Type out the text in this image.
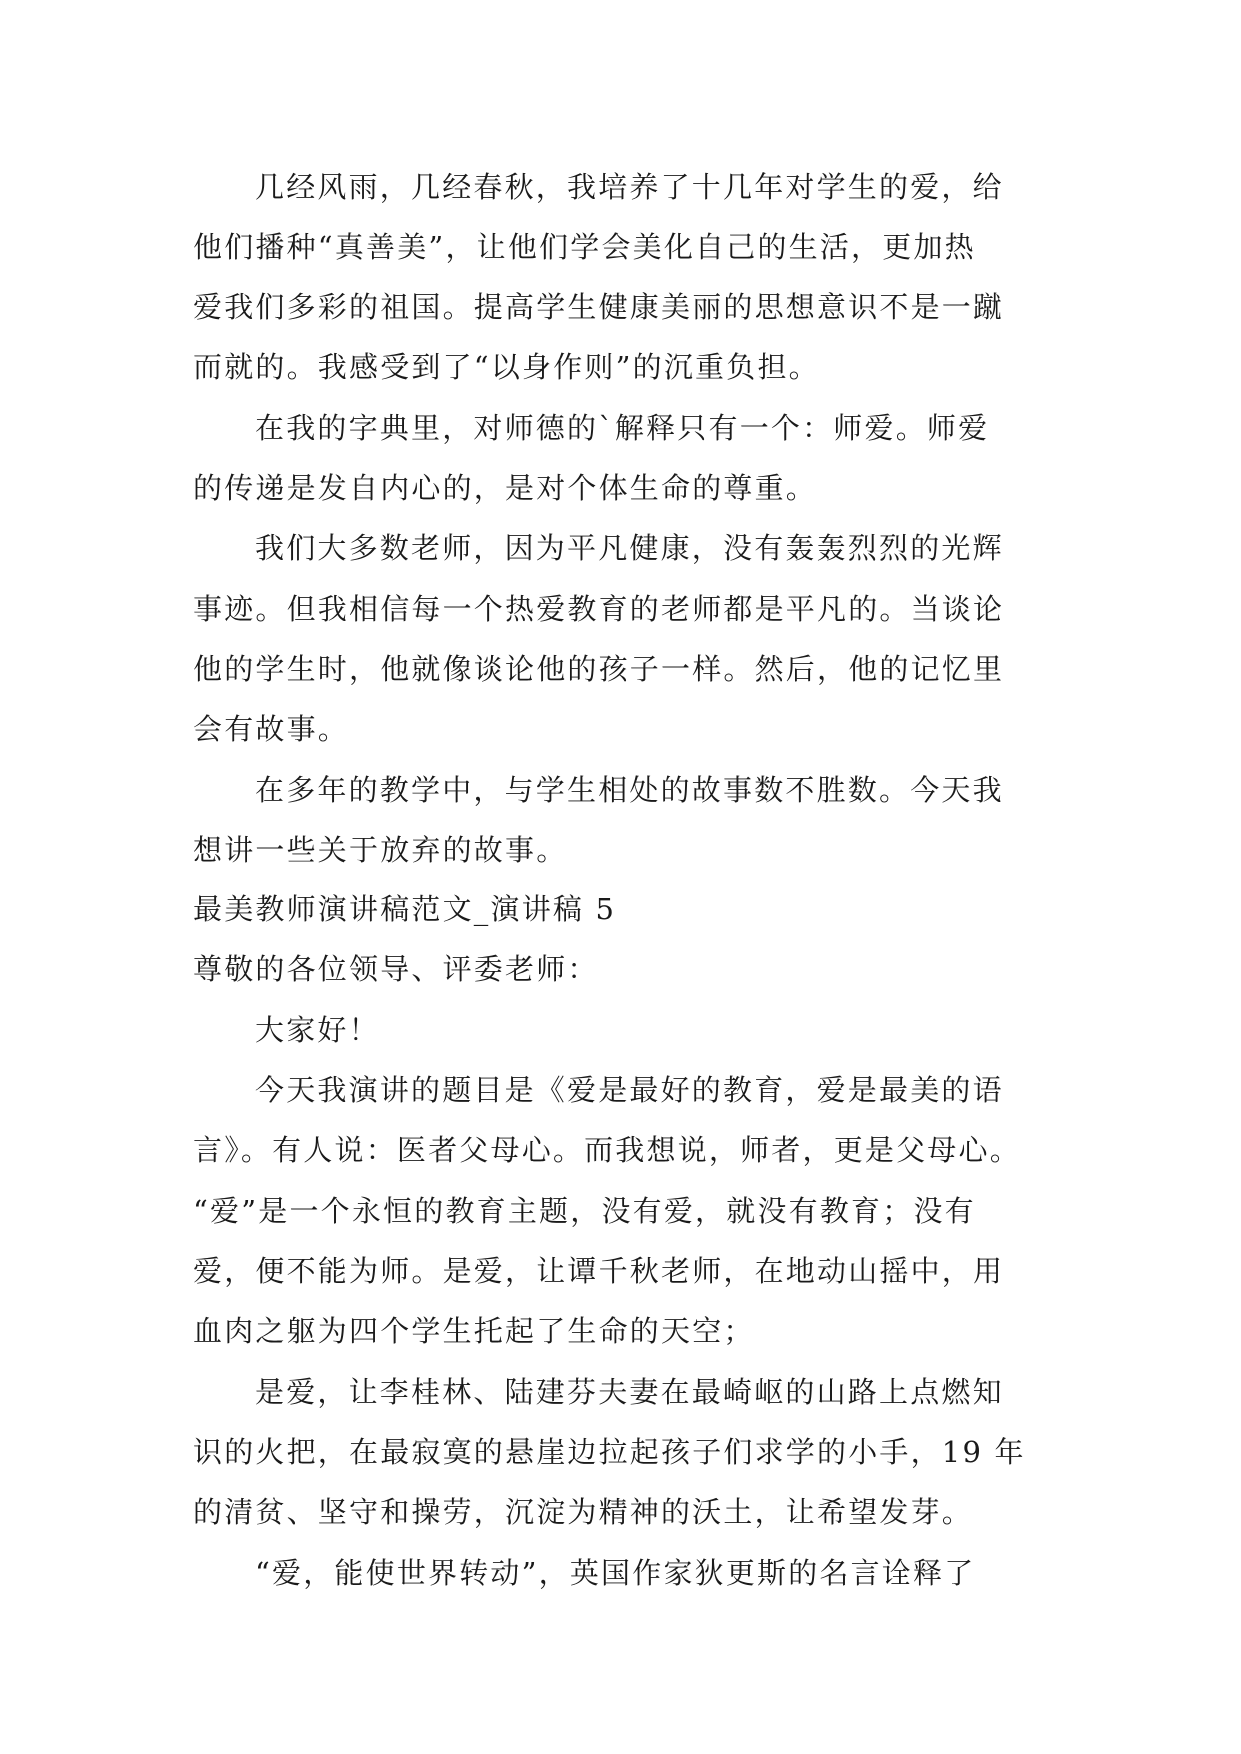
几经风雨，几经春秋，我培养了十几年对学生的爱，给
他们播种“真善美”，让他们学会美化自己的生活，更加热
爱我们多彩的祖国。提高学生健康美丽的思想意识不是一蹴
而就的。我感受到了“以身作则”的沉重负担。
在我的字典里，对师德的`解释只有一个：师爱。师爱
的传递是发自内心的，是对个体生命的尊重。
我们大多数老师，因为平凡健康，没有轰轰烈烈的光辉
事迹。但我相信每一个热爱教育的老师都是平凡的。当谈论
他的学生时，他就像谈论他的孩子一样。然后，他的记忆里
会有故事。
在多年的教学中，与学生相处的故事数不胜数。今天我
想讲一些关于放弃的故事。
最美教师演讲稿范文_演讲稿 5
尊敬的各位领导、评委老师：
大家好！
今天我演讲的题目是《爱是最好的教育，爱是最美的语
言》。有人说：医者父母心。而我想说，师者，更是父母心。
“爱”是一个永恒的教育主题，没有爱，就没有教育；没有
爱，便不能为师。是爱，让谭千秋老师，在地动山摇中，用
血肉之躯为四个学生托起了生命的天空；
是爱，让李桂林、陆建芬夫妻在最崎岖的山路上点燃知
识的火把，在最寂寞的悬崖边拉起孩子们求学的小手，19 年
的清贫、坚守和操劳，沉淀为精神的沃土，让希望发芽。
“爱，能使世界转动”，英国作家狄更斯的名言诠释了
